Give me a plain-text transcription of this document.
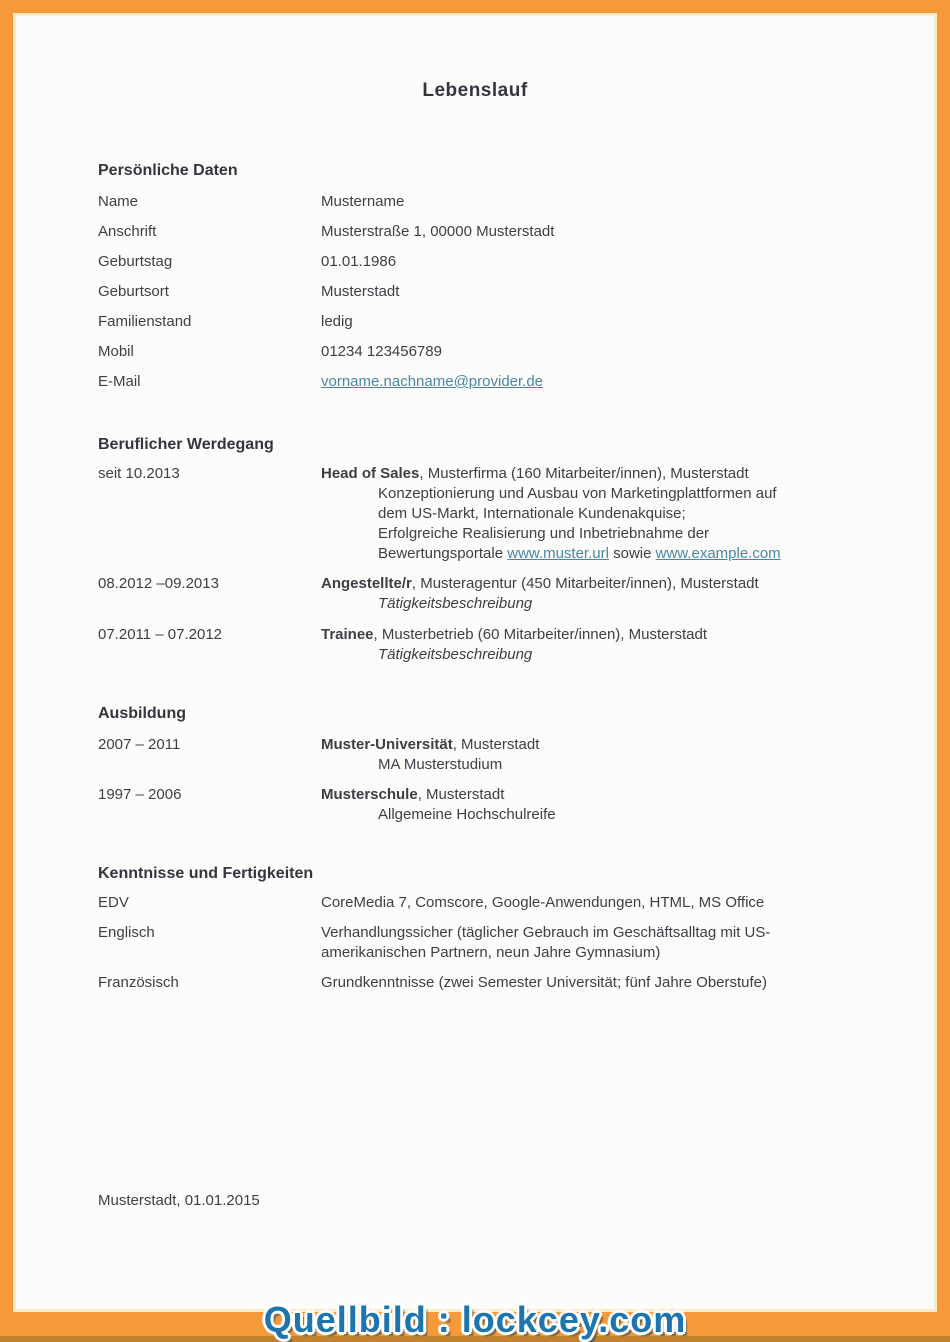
Lebenslauf
Persönliche Daten
Name	Mustername
Anschrift	Musterstraße 1, 00000 Musterstadt
Geburtstag	01.01.1986
Geburtsort	Musterstadt
Familienstand	ledig
Mobil	01234 123456789
E-Mail	vorname.nachname@provider.de
Beruflicher Werdegang
seit 10.2013	Head of Sales, Musterfirma (160 Mitarbeiter/innen), Musterstadt
Konzeptionierung und Ausbau von Marketingplattformen auf
dem US-Markt, Internationale Kundenakquise;
Erfolgreiche Realisierung und Inbetriebnahme der
Bewertungsportale www.muster.url sowie www.example.com
08.2012 –09.2013	Angestellte/r, Musteragentur (450 Mitarbeiter/innen), Musterstadt
Tätigkeitsbeschreibung
07.2011 – 07.2012	Trainee, Musterbetrieb (60 Mitarbeiter/innen), Musterstadt
Tätigkeitsbeschreibung
Ausbildung
2007 – 2011	Muster-Universität, Musterstadt
MA Musterstudium
1997 – 2006	Musterschule, Musterstadt
Allgemeine Hochschulreife
Kenntnisse und Fertigkeiten
EDV	CoreMedia 7, Comscore, Google-Anwendungen, HTML, MS Office
Englisch	Verhandlungssicher (täglicher Gebrauch im Geschäftsalltag mit US-amerikanischen Partnern, neun Jahre Gymnasium)
Französisch	Grundkenntnisse (zwei Semester Universität; fünf Jahre Oberstufe)
Musterstadt, 01.01.2015
Quellbild : lockcey.com
